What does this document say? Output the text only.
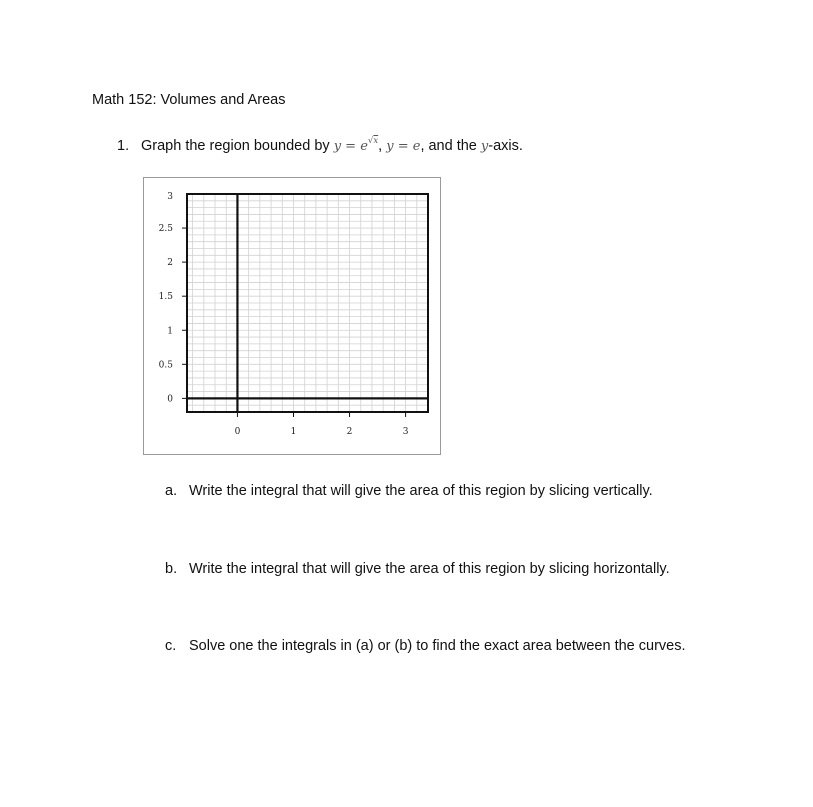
Math 152: Volumes and Areas
1. Graph the region bounded by $y = e^{√x}$, y = e, and the y-axis.
0
0.5
1
1.5
2
2.5
3
0	1	2	3
a. Write the integral that will give the area of this region by slicing vertically.
b. Write the integral that will give the area of this region by slicing horizontally.
c. Solve one the integrals in (a) or (b) to find the exact area between the curves.
